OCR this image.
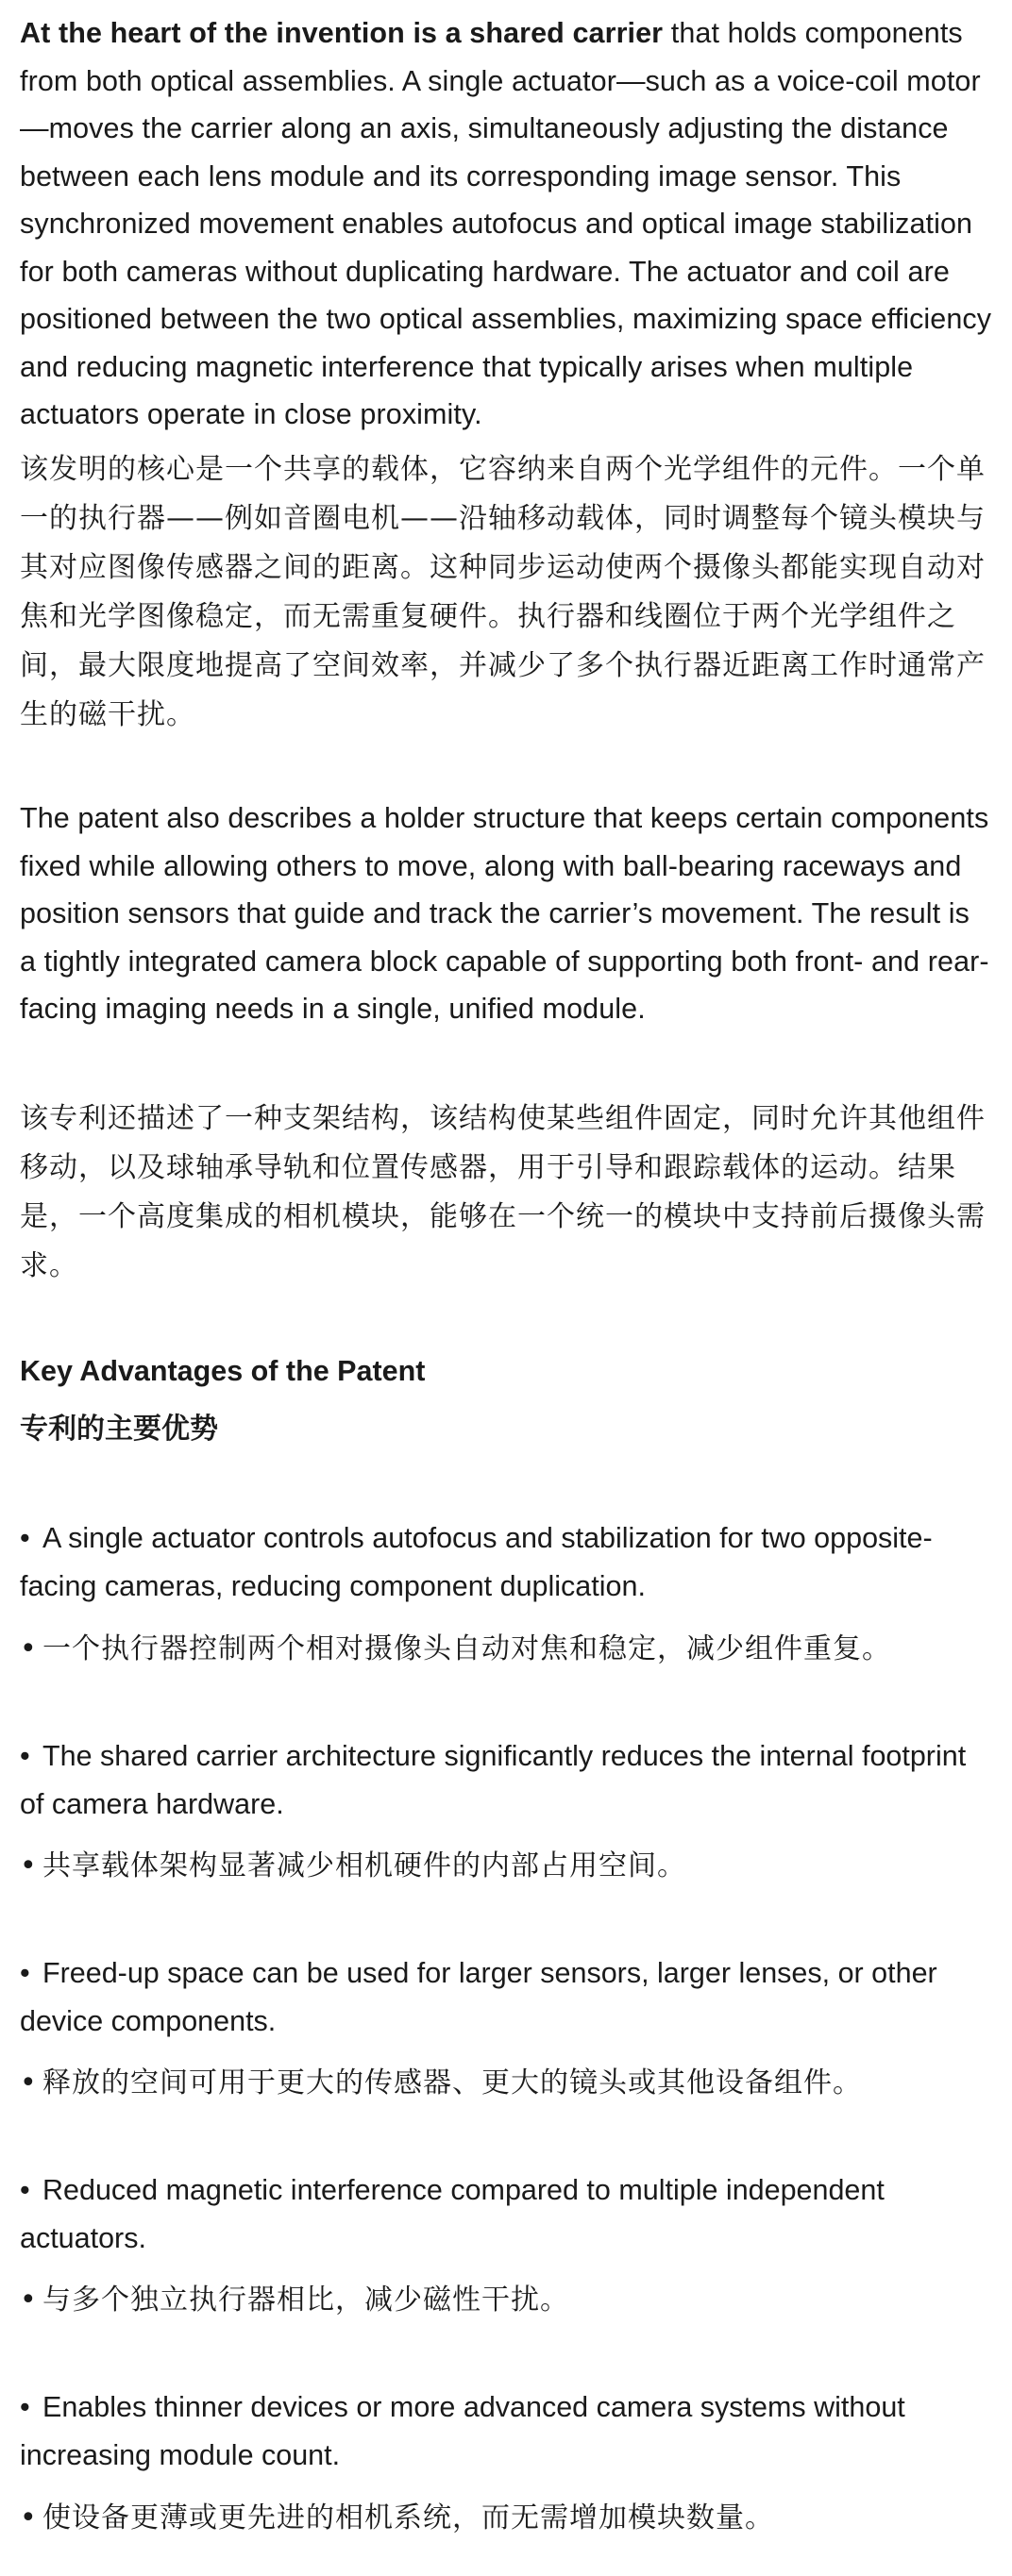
At the heart of the invention is a shared carrier that holds components from both optical assemblies. A single actuator—such as a voice-coil motor—moves the carrier along an axis, simultaneously adjusting the distance between each lens module and its corresponding image sensor. This synchronized movement enables autofocus and optical image stabilization for both cameras without duplicating hardware. The actuator and coil are positioned between the two optical assemblies, maximizing space efficiency and reducing magnetic interference that typically arises when multiple actuators operate in close proximity.

该发明的核心是一个共享的载体，它容纳来自两个光学组件的元件。一个单一的执行器——例如音圈电机——沿轴移动载体，同时调整每个镜头模块与其对应图像传感器之间的距离。这种同步运动使两个摄像头都能实现自动对焦和光学图像稳定，而无需重复硬件。执行器和线圈位于两个光学组件之间，最大限度地提高了空间效率，并减少了多个执行器近距离工作时通常产生的磁干扰。

The patent also describes a holder structure that keeps certain components fixed while allowing others to move, along with ball-bearing raceways and position sensors that guide and track the carrier’s movement. The result is a tightly integrated camera block capable of supporting both front- and rear-facing imaging needs in a single, unified module.

该专利还描述了一种支架结构，该结构使某些组件固定，同时允许其他组件移动，以及球轴承导轨和位置传感器，用于引导和跟踪载体的运动。结果是，一个高度集成的相机模块，能够在一个统一的模块中支持前后摄像头需求。

Key Advantages of the Patent

专利的主要优势

• A single actuator controls autofocus and stabilization for two opposite-facing cameras, reducing component duplication.

• 一个执行器控制两个相对摄像头自动对焦和稳定，减少组件重复。

• The shared carrier architecture significantly reduces the internal footprint of camera hardware.

• 共享载体架构显著减少相机硬件的内部占用空间。

• Freed-up space can be used for larger sensors, larger lenses, or other device components.

• 释放的空间可用于更大的传感器、更大的镜头或其他设备组件。

• Reduced magnetic interference compared to multiple independent actuators.

• 与多个独立执行器相比，减少磁性干扰。

• Enables thinner devices or more advanced camera systems without increasing module count.

• 使设备更薄或更先进的相机系统，而无需增加模块数量。
